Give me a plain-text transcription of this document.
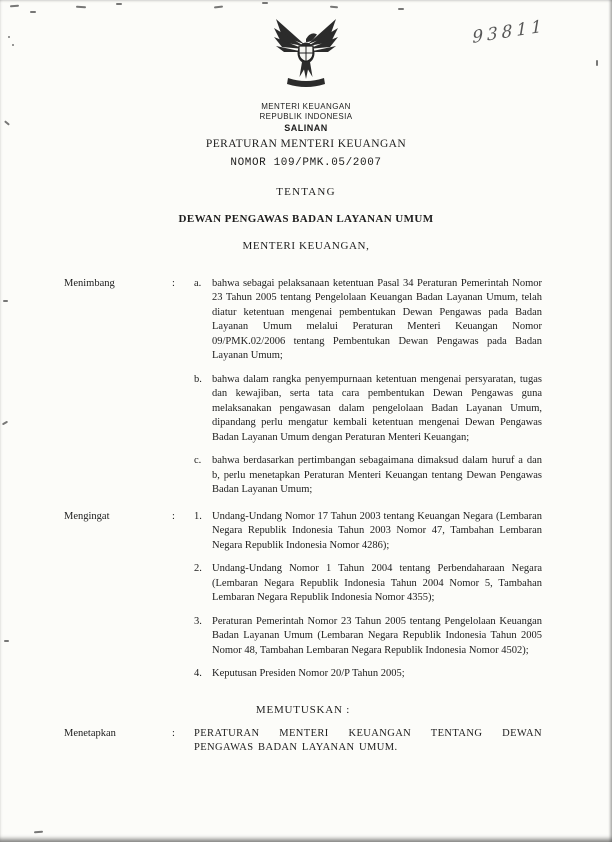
93811
MENTERI KEUANGAN
REPUBLIK INDONESIA
SALINAN
PERATURAN MENTERI KEUANGAN
NOMOR 109/PMK.05/2007
TENTANG
DEWAN PENGAWAS BADAN LAYANAN UMUM
MENTERI KEUANGAN,
Menimbang	:	a.	bahwa sebagai pelaksanaan ketentuan Pasal 34 Peraturan Pemerintah Nomor 23 Tahun 2005 tentang Pengelolaan Keuangan Badan Layanan Umum, telah diatur ketentuan mengenai pembentukan Dewan Pengawas pada Badan Layanan Umum melalui Peraturan Menteri Keuangan Nomor 09/PMK.02/2006 tentang Pembentukan Dewan Pengawas pada Badan Layanan Umum;
b. bahwa dalam rangka penyempurnaan ketentuan mengenai persyaratan, tugas dan kewajiban, serta tata cara pembentukan Dewan Pengawas guna melaksanakan pengawasan dalam pengelolaan Badan Layanan Umum, dipandang perlu mengatur kembali ketentuan mengenai Dewan Pengawas Badan Layanan Umum dengan Peraturan Menteri Keuangan;
c.	bahwa berdasarkan pertimbangan sebagaimana dimaksud dalam huruf a dan b, perlu menetapkan Peraturan Menteri Keuangan tentang Dewan Pengawas Badan Layanan Umum;
Mengingat	:	1. Undang-Undang Nomor 17 Tahun 2003 tentang Keuangan Negara (Lembaran Negara Republik Indonesia Tahun 2003 Nomor 47, Tambahan Lembaran Negara Republik Indonesia Nomor 4286);
2. Undang-Undang Nomor 1 Tahun 2004 tentang Perbendaharaan Negara (Lembaran Negara Republik Indonesia Tahun 2004 Nomor 5, Tambahan Lembaran Negara Republik Indonesia Nomor 4355);
3. Peraturan Pemerintah Nomor 23 Tahun 2005 tentang Pengelolaan Keuangan Badan Layanan Umum (Lembaran Negara Republik Indonesia Tahun 2005 Nomor 48, Tambahan Lembaran Negara Republik Indonesia Nomor 4502);
4. Keputusan Presiden Nomor 20/P Tahun 2005;
MEMUTUSKAN :
Menetapkan	:	PERATURAN MENTERI KEUANGAN TENTANG DEWAN PENGAWAS BADAN LAYANAN UMUM.
